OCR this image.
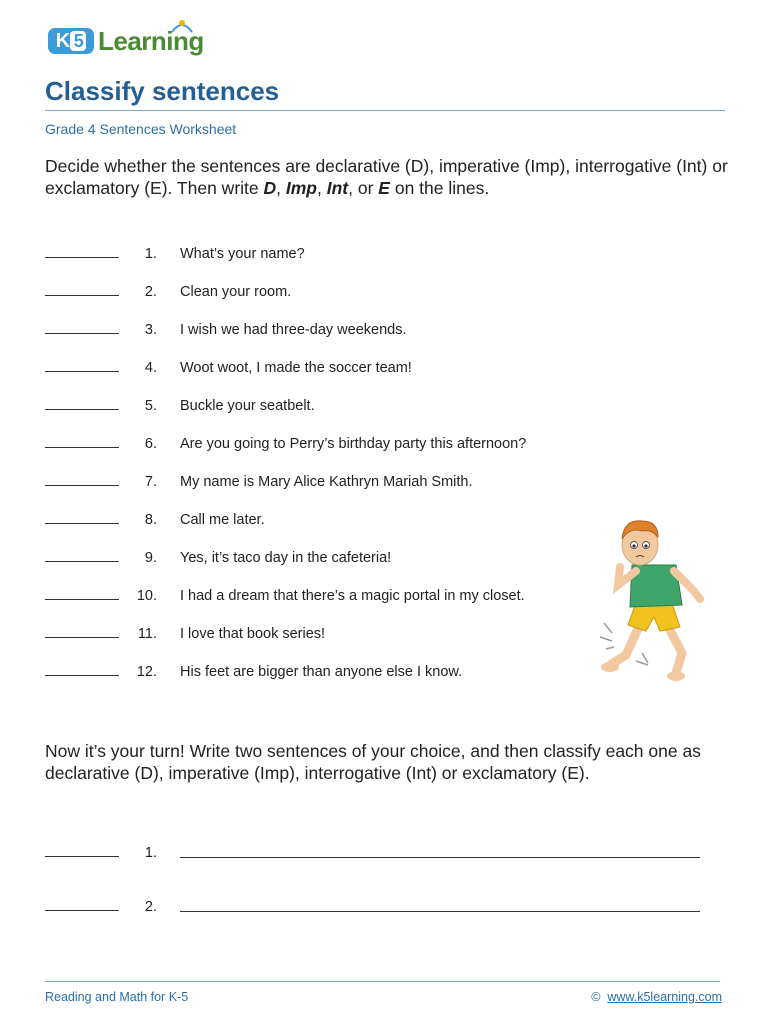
K 5 Learning
Classify sentences
Grade 4 Sentences Worksheet
Decide whether the sentences are declarative (D), imperative (Imp), interrogative (Int) or exclamatory (E). Then write D, Imp, Int, or E on the lines.
1. What’s your name?
2. Clean your room.
3. I wish we had three-day weekends.
4. Woot woot, I made the soccer team!
5. Buckle your seatbelt.
6. Are you going to Perry’s birthday party this afternoon?
7. My name is Mary Alice Kathryn Mariah Smith.
8. Call me later.
9. Yes, it’s taco day in the cafeteria!
10. I had a dream that there’s a magic portal in my closet.
11. I love that book series!
12. His feet are bigger than anyone else I know.
Now it’s your turn! Write two sentences of your choice, and then classify each one as declarative (D), imperative (Imp), interrogative (Int) or exclamatory (E).
1.
2.
Reading and Math for K-5	© www.k5learning.com
